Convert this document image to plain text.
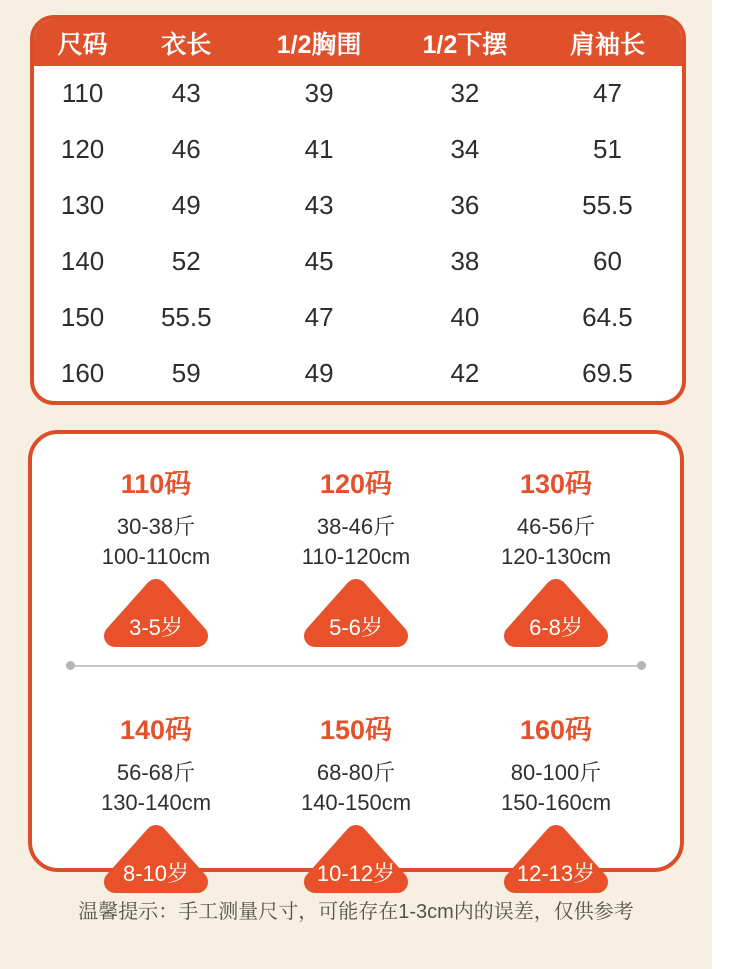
尺码	衣长	1/2胸围	1/2下摆	肩袖长
110	43	39	32	47
120	46	41	34	51
130	49	43	36	55.5
140	52	45	38	60
150	55.5	47	40	64.5
160	59	49	42	69.5
110码
30-38斤
100-110cm
3-5岁
120码
38-46斤
110-120cm
5-6岁
130码
46-56斤
120-130cm
6-8岁
140码
56-68斤
130-140cm
8-10岁
150码
68-80斤
140-150cm
10-12岁
160码
80-100斤
150-160cm
12-13岁
温馨提示：手工测量尺寸，可能存在1-3cm内的误差，仅供参考
